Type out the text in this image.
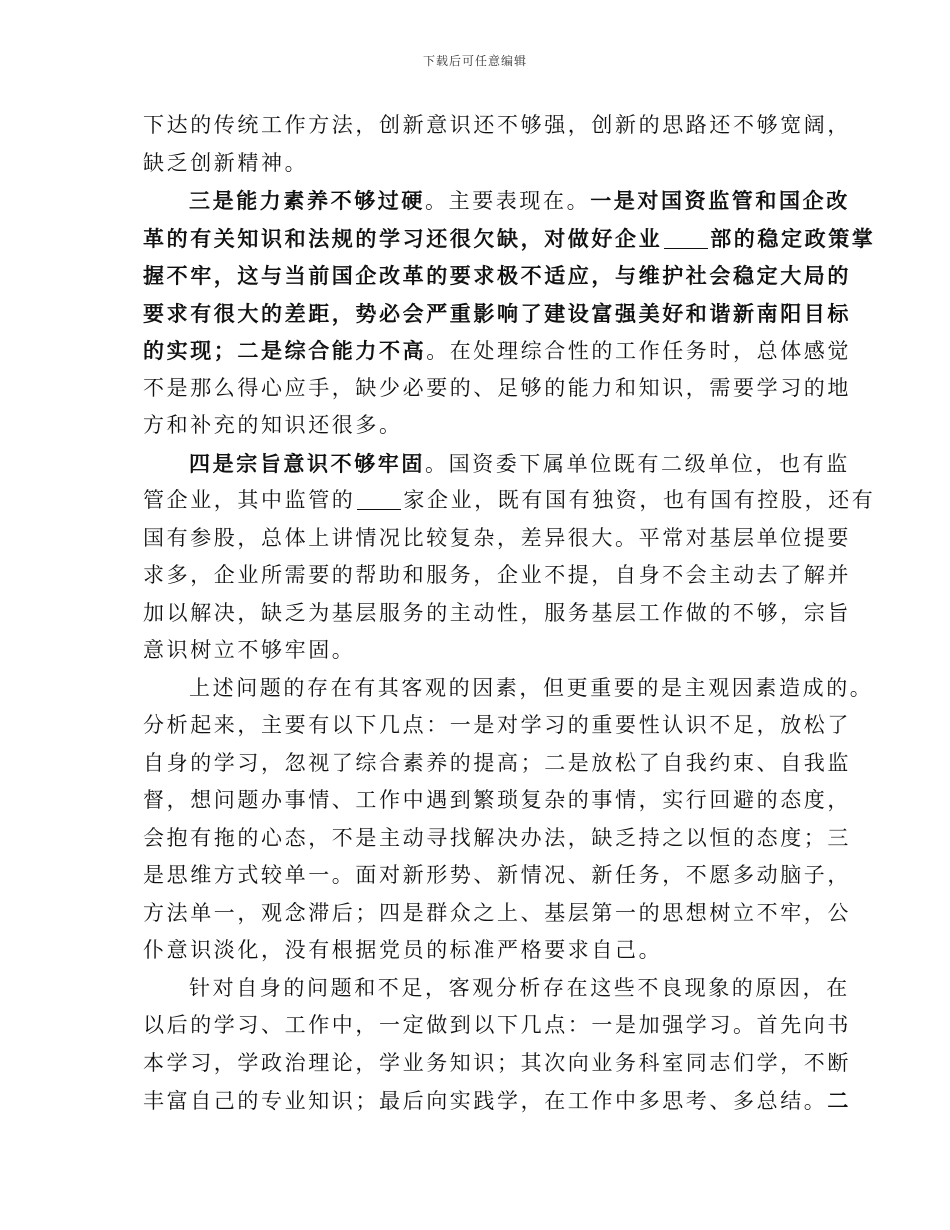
下载后可任意编辑
下达的传统工作方法，创新意识还不够强，创新的思路还不够宽阔，
缺乏创新精神。
三是能力素养不够过硬。主要表现在。一是对国资监管和国企改
革的有关知识和法规的学习还很欠缺，对做好企业 部的稳定政策掌
握不牢，这与当前国企改革的要求极不适应，与维护社会稳定大局的
要求有很大的差距，势必会严重影响了建设富强美好和谐新南阳目标
的实现；二是综合能力不高。在处理综合性的工作任务时，总体感觉
不是那么得心应手，缺少必要的、足够的能力和知识，需要学习的地
方和补充的知识还很多。
四是宗旨意识不够牢固。国资委下属单位既有二级单位，也有监
管企业，其中监管的 家企业，既有国有独资，也有国有控股，还有
国有参股，总体上讲情况比较复杂，差异很大。平常对基层单位提要
求多，企业所需要的帮助和服务，企业不提，自身不会主动去了解并
加以解决，缺乏为基层服务的主动性，服务基层工作做的不够，宗旨
意识树立不够牢固。
上述问题的存在有其客观的因素，但更重要的是主观因素造成的。
分析起来，主要有以下几点：一是对学习的重要性认识不足，放松了
自身的学习，忽视了综合素养的提高；二是放松了自我约束、自我监
督，想问题办事情、工作中遇到繁琐复杂的事情，实行回避的态度，
会抱有拖的心态，不是主动寻找解决办法，缺乏持之以恒的态度；三
是思维方式较单一。面对新形势、新情况、新任务，不愿多动脑子，
方法单一，观念滞后；四是群众之上、基层第一的思想树立不牢，公
仆意识淡化，没有根据党员的标准严格要求自己。
针对自身的问题和不足，客观分析存在这些不良现象的原因，在
以后的学习、工作中，一定做到以下几点：一是加强学习。首先向书
本学习，学政治理论，学业务知识；其次向业务科室同志们学，不断
丰富自己的专业知识；最后向实践学，在工作中多思考、多总结。二
